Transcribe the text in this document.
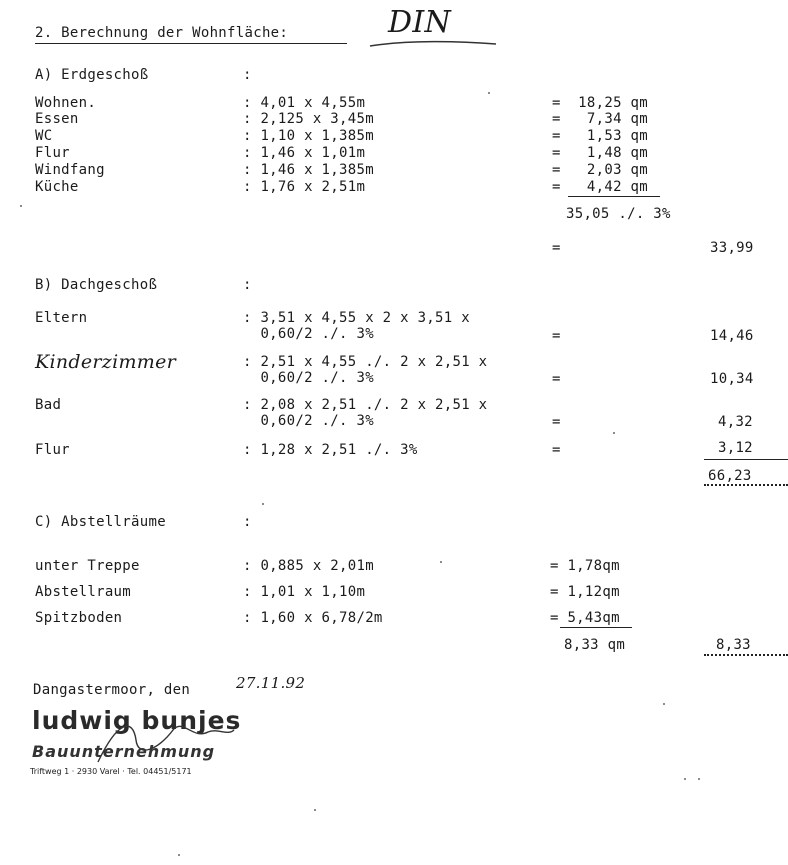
2. Berechnung der Wohnfläche:	DIN
A) Erdgeschoß	:
Wohnen.	: 4,01 x 4,55m	=  18,25 qm
Essen	: 2,125 x 3,45m	=   7,34 qm
WC	: 1,10 x 1,385m	=   1,53 qm
Flur	: 1,46 x 1,01m	=   1,48 qm
Windfang	: 1,46 x 1,385m	=   2,03 qm
Küche	: 1,76 x 2,51m	=   4,42 qm
35,05 ./. 3%
=	33,99
B) Dachgeschoß	:
Eltern	: 3,51 x 4,55 x 2 x 3,51 x
0,60/2 ./. 3%	=	14,46
Kinderzimmer	: 2,51 x 4,55 ./. 2 x 2,51 x
0,60/2 ./. 3%	=	10,34
Bad	: 2,08 x 2,51 ./. 2 x 2,51 x
0,60/2 ./. 3%	=	4,32
Flur	: 1,28 x 2,51 ./. 3%	=	3,12
66,23
C) Abstellräume	:
unter Treppe	: 0,885 x 2,01m	= 1,78qm
Abstellraum	: 1,01 x 1,10m	= 1,12qm
Spitzboden	: 1,60 x 6,78/2m	= 5,43qm
8,33 qm	8,33
Dangastermoor, den	27.11.92
ludwig bunjes
Bauunternehmung
Triftweg 1 · 2930 Varel · Tel. 04451/5171
